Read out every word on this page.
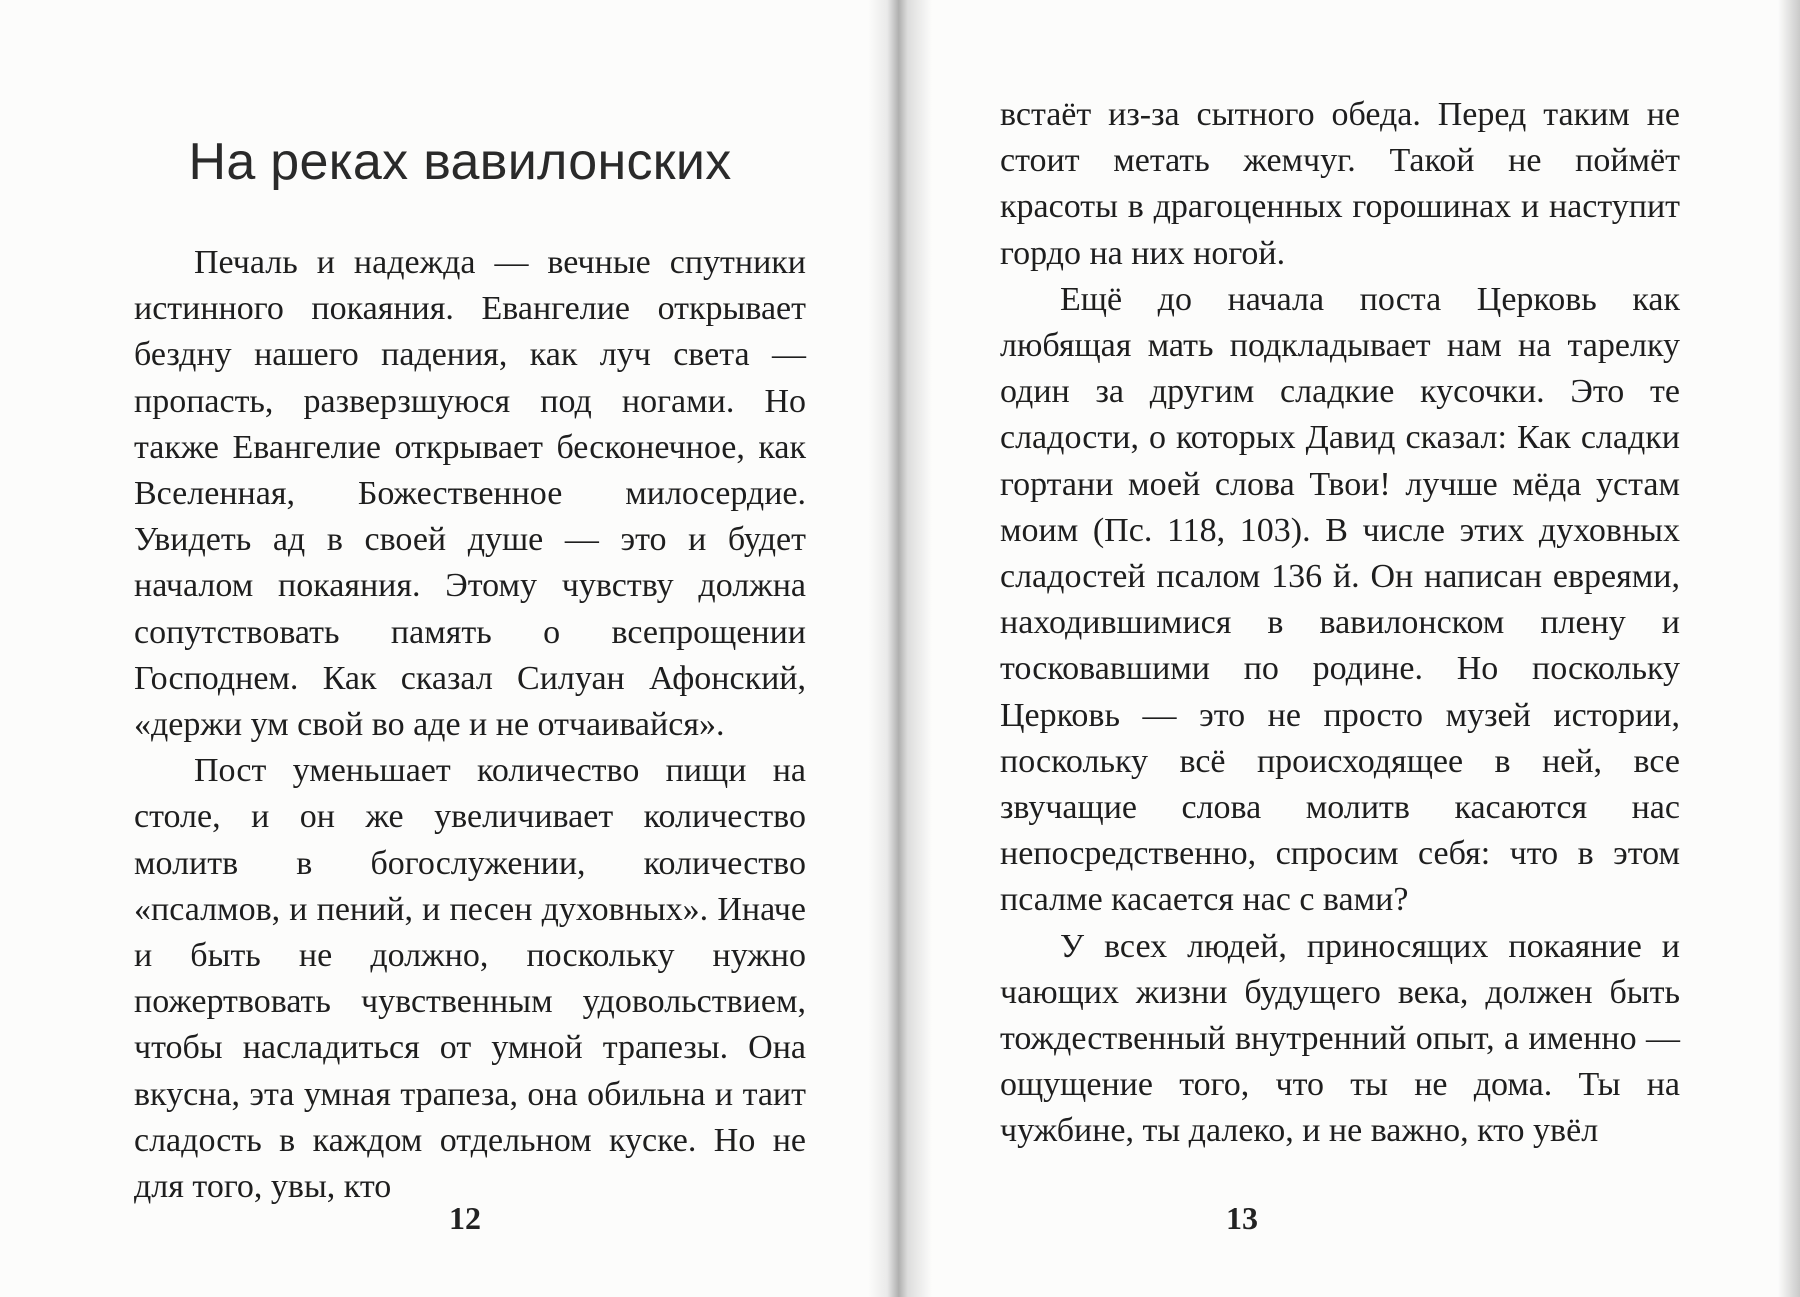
На реках вавилонских

Печаль и надежда — вечные спутники истинного покаяния. Евангелие открывает бездну нашего падения, как луч света — пропасть, разверзшуюся под ногами. Но также Евангелие открывает бесконечное, как Вселенная, Божественное милосердие. Увидеть ад в своей душе — это и будет началом покаяния. Этому чувству должна сопутствовать память о всепрощении Господнем. Как сказал Силуан Афонский, «держи ум свой во аде и не отчаивайся».

Пост уменьшает количество пищи на столе, и он же увеличивает количество молитв в богослужении, количество «псалмов, и пений, и песен духовных». Иначе и быть не должно, поскольку нужно пожертвовать чувственным удовольствием, чтобы насладиться от умной трапезы. Она вкусна, эта умная трапеза, она обильна и таит сладость в каждом отдельном куске. Но не для того, увы, кто

12

встаёт из-за сытного обеда. Перед таким не стоит метать жемчуг. Такой не поймёт красоты в драгоценных горошинах и наступит гордо на них ногой.

Ещё до начала поста Церковь как любящая мать подкладывает нам на тарелку один за другим сладкие кусочки. Это те сладости, о которых Давид сказал: Как сладки гортани моей слова Твои! лучше мёда устам моим (Пс. 118, 103). В числе этих духовных сладостей псалом 136 й. Он написан евреями, находившимися в вавилонском плену и тосковавшими по родине. Но поскольку Церковь — это не просто музей истории, поскольку всё происходящее в ней, все звучащие слова молитв касаются нас непосредственно, спросим себя: что в этом псалме касается нас с вами?

У всех людей, приносящих покаяние и чающих жизни будущего века, должен быть тождественный внутренний опыт, а именно — ощущение того, что ты не дома. Ты на чужбине, ты далеко, и не важно, кто увёл

13
